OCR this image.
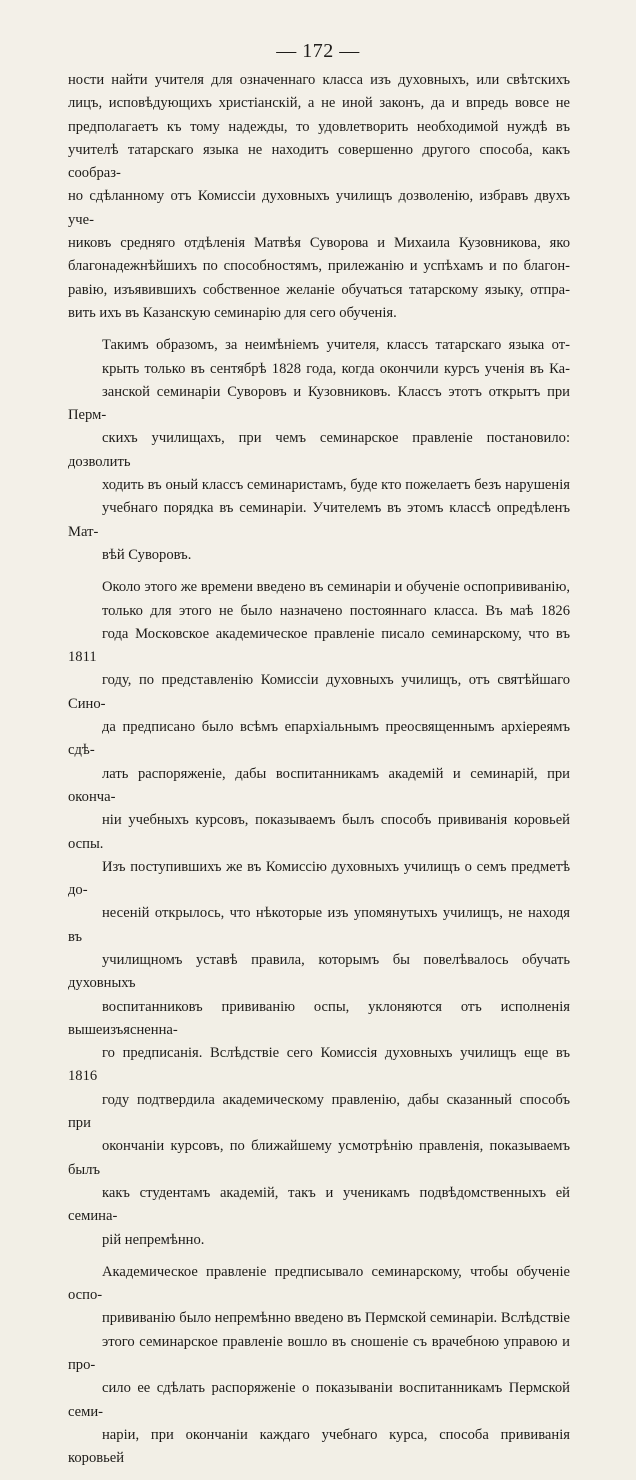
— 172 —
ности найти учителя для означеннаго класса изъ духовныхъ, или свѣтскихъ
лицъ, исповѣдующихъ христіанскій, а не иной законъ, да и впредь вовсе не
предполагаетъ къ тому надежды, то удовлетворить необходимой нуждѣ въ
учителѣ татарскаго языка не находитъ совершенно другого способа, какъ сообраз-
но сдѣланному отъ Комиссіи духовныхъ училищъ дозволенію, избравъ двухъ уче-
никовъ средняго отдѣленія Матвѣя Суворова и Михаила Кузовникова, яко
благонадежнѣйшихъ по способностямъ, прилежанію и успѣхамъ и по благон-
равію, изъявившихъ собственное желаніе обучаться татарскому языку, отпра-
вить ихъ въ Казанскую семинарію для сего обученія.
Такимъ образомъ, за неимѣніемъ учителя, классъ татарскаго языка от-
крыть только въ сентябрѣ 1828 года, когда окончили курсъ ученія въ Ка-
занской семинаріи Суворовъ и Кузовниковъ. Классъ этотъ открытъ при Перм-
скихъ училищахъ, при чемъ семинарское правленіе постановило: дозволить
ходить въ оный классъ семинаристамъ, буде кто пожелаетъ безъ нарушенія
учебнаго порядка въ семинаріи. Учителемъ въ этомъ классѣ опредѣленъ Мат-
вѣй Суворовъ.
Около этого же времени введено въ семинаріи и обученіе оспопрививанію,
только для этого не было назначено постояннаго класса. Въ маѣ 1826
года Московское академическое правленіе писало семинарскому, что въ 1811
году, по представленію Комиссіи духовныхъ училищъ, отъ святѣйшаго Сино-
да предписано было всѣмъ епархіальнымъ преосвященнымъ архіереямъ сдѣ-
лать распоряженіе, дабы воспитанникамъ академій и семинарій, при оконча-
ніи учебныхъ курсовъ, показываемъ былъ способъ прививанія коровьей оспы.
Изъ поступившихъ же въ Комиссію духовныхъ училищъ о семъ предметѣ до-
несеній открылось, что нѣкоторые изъ упомянутыхъ училищъ, не находя въ
училищномъ уставѣ правила, которымъ бы повелѣвалось обучать духовныхъ
воспитанниковъ прививанію оспы, уклоняются отъ исполненія вышеизъясненна-
го предписанія. Вслѣдствіе сего Комиссія духовныхъ училищъ еще въ 1816
году подтвердила академическому правленію, дабы сказанный способъ при
окончаніи курсовъ, по ближайшему усмотрѣнію правленія, показываемъ былъ
какъ студентамъ академій, такъ и ученикамъ подвѣдомственныхъ ей семина-
рій непремѣнно.
Академическое правленіе предписывало семинарскому, чтобы обученіе оспо-
прививанію было непремѣнно введено въ Пермской семинаріи. Вслѣдствіе
этого семинарское правленіе вошло въ сношеніе съ врачебною управою и про-
сило ее сдѣлать распоряженіе о показываніи воспитанникамъ Пермской семи-
наріи, при окончаніи каждаго учебнаго курса, способа прививанія коровьей
